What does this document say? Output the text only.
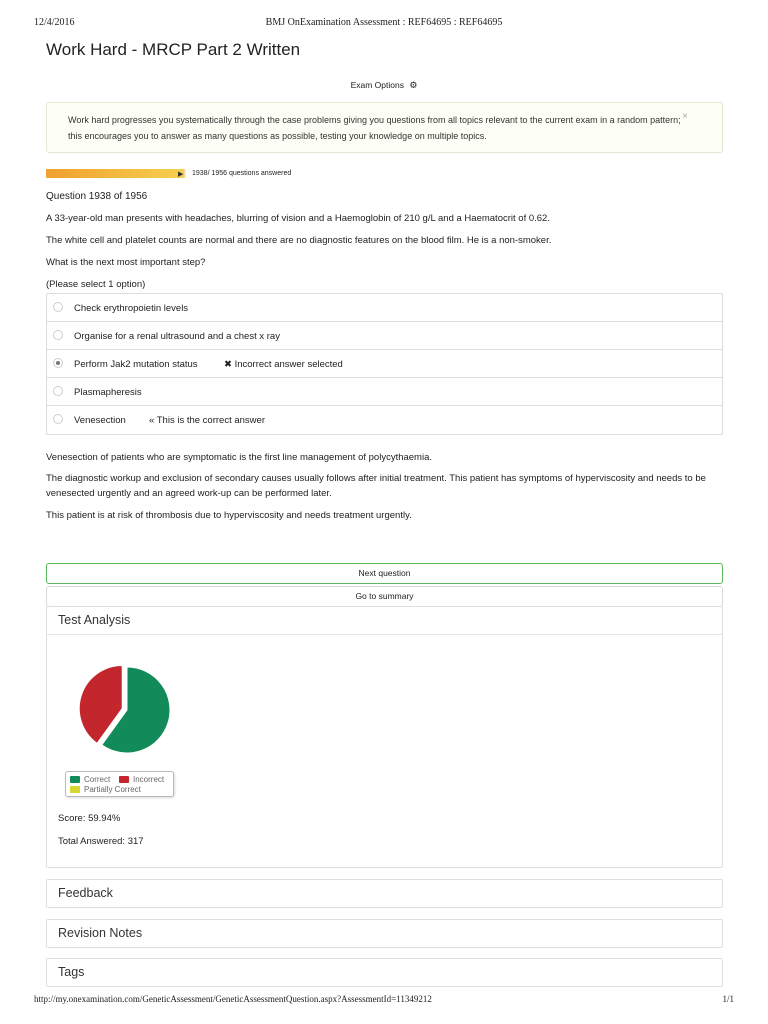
12/4/2016	BMJ OnExamination Assessment : REF64695 : REF64695
Work Hard - MRCP Part 2 Written
Exam Options ⚙
Work hard progresses you systematically through the case problems giving you questions from all topics relevant to the current exam in a random pattern; this encourages you to answer as many questions as possible, testing your knowledge on multiple topics.
×
▶ 1938/ 1956 questions answered
Question 1938 of 1956
A 33-year-old man presents with headaches, blurring of vision and a Haemoglobin of 210 g/L and a Haematocrit of 0.62.
The white cell and platelet counts are normal and there are no diagnostic features on the blood film. He is a non-smoker.
What is the next most important step?
(Please select 1 option)
Check erythropoietin levels
Organise for a renal ultrasound and a chest x ray
Perform Jak2 mutation status	✖ Incorrect answer selected
Plasmapheresis
Venesection « This is the correct answer
Venesection of patients who are symptomatic is the first line management of polycythaemia.
The diagnostic workup and exclusion of secondary causes usually follows after initial treatment. This patient has symptoms of hyperviscosity and needs to be venesected urgently and an agreed work-up can be performed later.
This patient is at risk of thrombosis due to hyperviscosity and needs treatment urgently.
Next question
Go to summary
Test Analysis
Correct	Incorrect
Partially Correct
Score: 59.94%
Total Answered: 317
Feedback
Revision Notes
Tags
http://my.onexamination.com/GeneticAssessment/GeneticAssessmentQuestion.aspx?AssessmentId=11349212	1/1
